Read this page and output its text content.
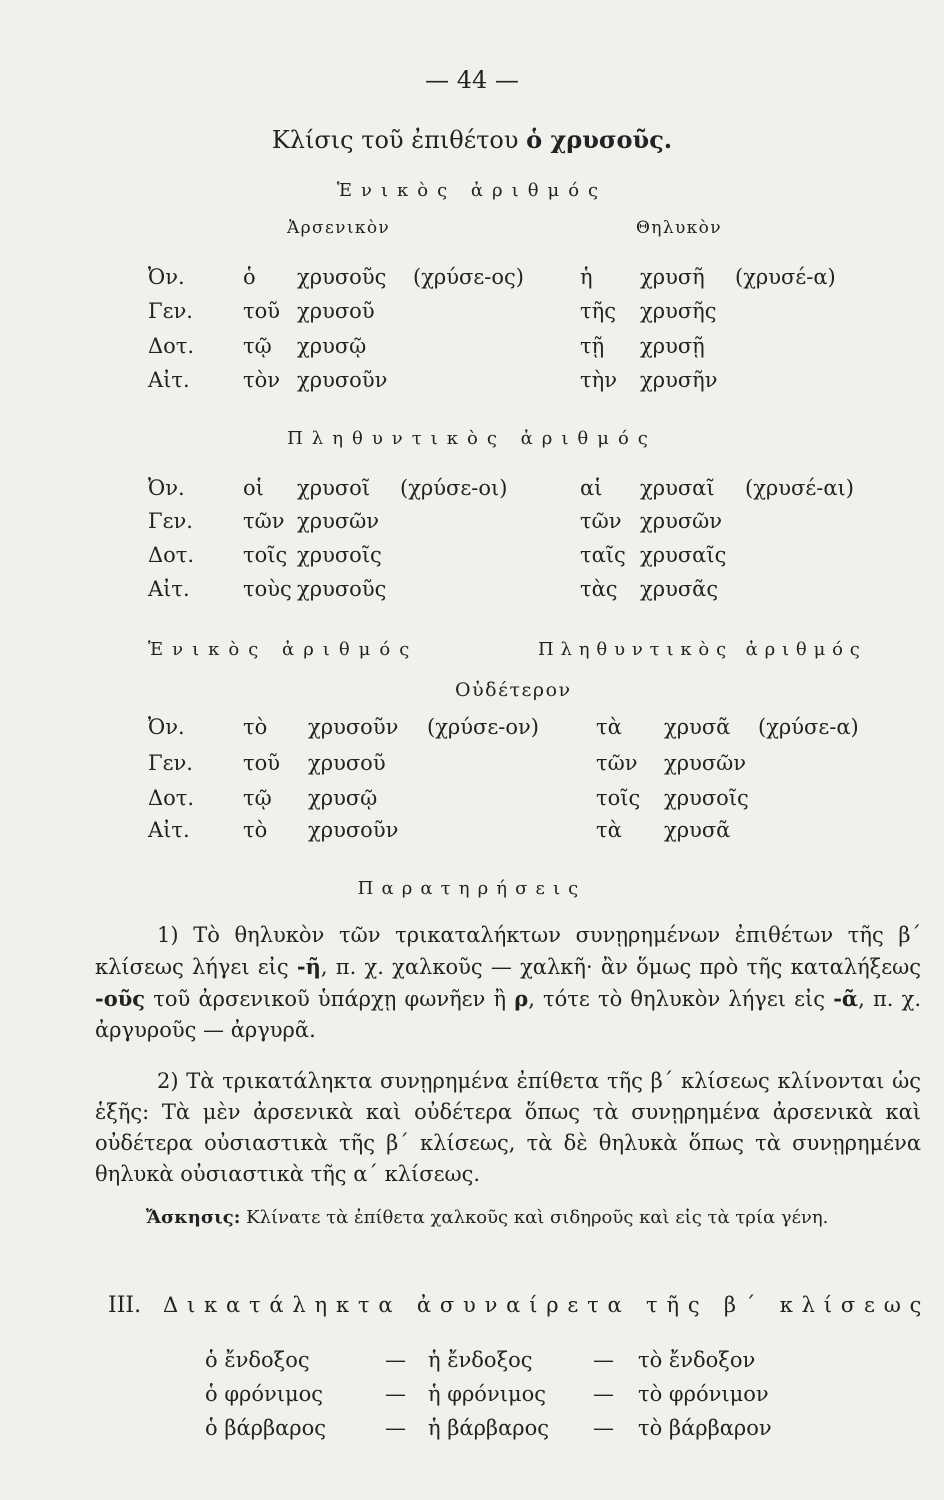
— 44 —
Κλίσις τοῦ ἐπιθέτου ὁ χρυσοῦς.
Ἑνικὸς ἀριθμός
Ἀρσενικὸν	Θηλυκὸν
Ὀν.	ὁ χρυσοῦς (χρύσε-ος)	ἡ χρυσῆ (χρυσέ-α)
Γεν. τοῦ χρυσοῦ	τῆς χρυσῆς
Δοτ. τῷ χρυσῷ	τῇ χρυσῇ
Αἰτ.	τὸν χρυσοῦν	τὴν χρυσῆν
Πληθυντικὸς ἀριθμός
Ὀν.	οἱ χρυσοῖ (χρύσε-οι)	αἱ χρυσαῖ (χρυσέ-αι)
Γεν. τῶν χρυσῶν	τῶν χρυσῶν
Δοτ. τοῖς χρυσοῖς	ταῖς χρυσαῖς
Αἰτ.	τοὺς χρυσοῦς	τὰς χρυσᾶς
Ἑνικὸς ἀριθμός	Πληθυντικὸς ἀριθμός
Οὐδέτερον
Ὀν.	τὸ χρυσοῦν (χρύσε-ον)	τὰ χρυσᾶ (χρύσε-α)
Γεν. τοῦ χρυσοῦ	τῶν χρυσῶν
Δοτ. τῷ χρυσῷ	τοῖς χρυσοῖς
Αἰτ.	τὸ χρυσοῦν	τὰ χρυσᾶ
Παρατηρήσεις

1) Τὸ θηλυκὸν τῶν τρικαταλήκτων συνῃρημένων ἐπιθέτων τῆς β΄ κλίσεως λήγει εἰς -ῆ, π. χ. χαλκοῦς — χαλκῆ· ἂν ὅμως πρὸ τῆς καταλήξεως -οῦς τοῦ ἀρσενικοῦ ὑπάρχῃ φωνῆεν ἢ ρ, τότε τὸ θηλυκὸν λήγει εἰς -ᾶ, π. χ. ἀργυροῦς — ἀργυρᾶ.

2) Τὰ τρικατάληκτα συνῃρημένα ἐπίθετα τῆς β΄ κλίσεως κλίνονται ὡς ἑξῆς: Τὰ μὲν ἀρσενικὰ καὶ οὐδέτερα ὅπως τὰ συνῃρημένα ἀρσενικὰ καὶ οὐδέτερα οὐσιαστικὰ τῆς β΄ κλίσεως, τὰ δὲ θηλυκὰ ὅπως τὰ συνῃρημένα θηλυκὰ οὐσιαστικὰ τῆς α΄ κλίσεως.

Ἄσκησις: Κλίνατε τὰ ἐπίθετα χαλκοῦς καὶ σιδηροῦς καὶ εἰς τὰ τρία γένη.

III. Δικατάληκτα ἀσυναίρετα τῆς β΄ κλίσεως
ὁ ἔνδοξος	— ἡ ἔνδοξος	— τὸ ἔνδοξον
ὁ φρόνιμος	— ἡ φρόνιμος — τὸ φρόνιμον
ὁ βάρβαρος	— ἡ βάρβαρος — τὸ βάρβαρον
